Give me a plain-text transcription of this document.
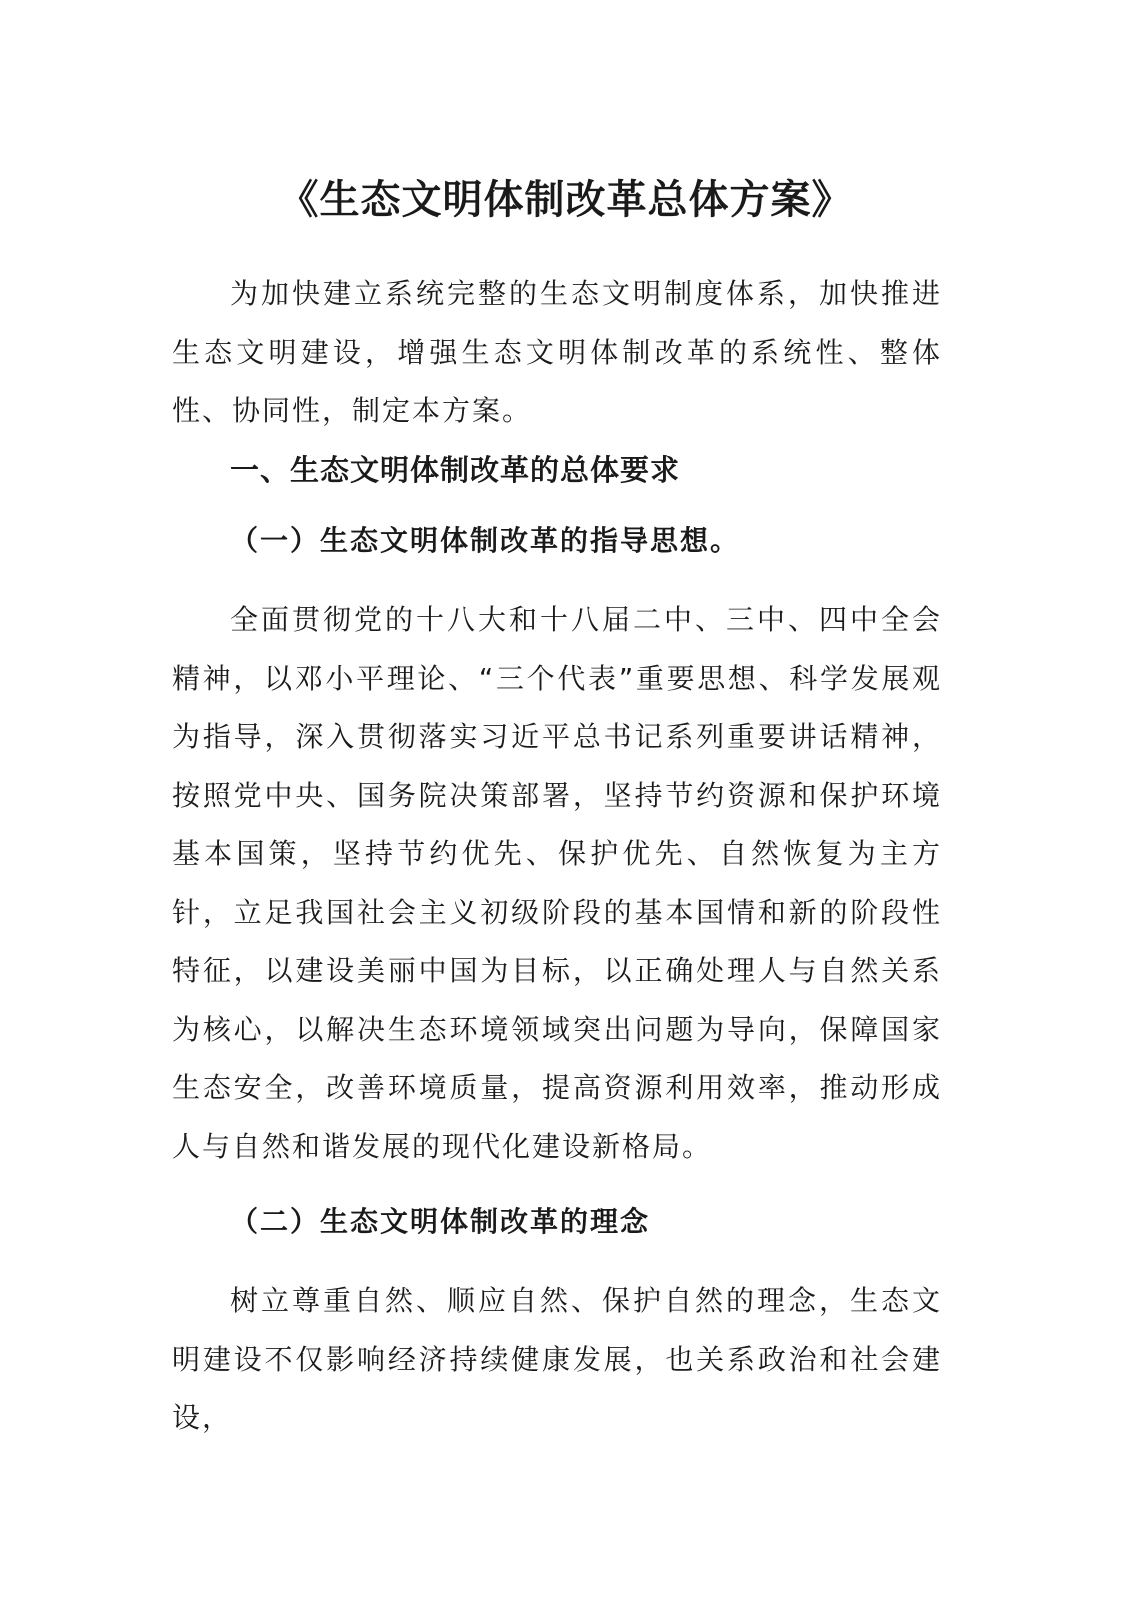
《生态文明体制改革总体方案》

为加快建立系统完整的生态文明制度体系，加快推进生态文明建设，增强生态文明体制改革的系统性、整体性、协同性，制定本方案。

一、生态文明体制改革的总体要求
（一）生态文明体制改革的指导思想。

全面贯彻党的十八大和十八届二中、三中、四中全会精神，以邓小平理论、“三个代表”重要思想、科学发展观为指导，深入贯彻落实习近平总书记系列重要讲话精神，按照党中央、国务院决策部署，坚持节约资源和保护环境基本国策，坚持节约优先、保护优先、自然恢复为主方针，立足我国社会主义初级阶段的基本国情和新的阶段性特征，以建设美丽中国为目标，以正确处理人与自然关系为核心，以解决生态环境领域突出问题为导向，保障国家生态安全，改善环境质量，提高资源利用效率，推动形成人与自然和谐发展的现代化建设新格局。

（二）生态文明体制改革的理念

树立尊重自然、顺应自然、保护自然的理念，生态文明建设不仅影响经济持续健康发展，也关系政治和社会建设，
